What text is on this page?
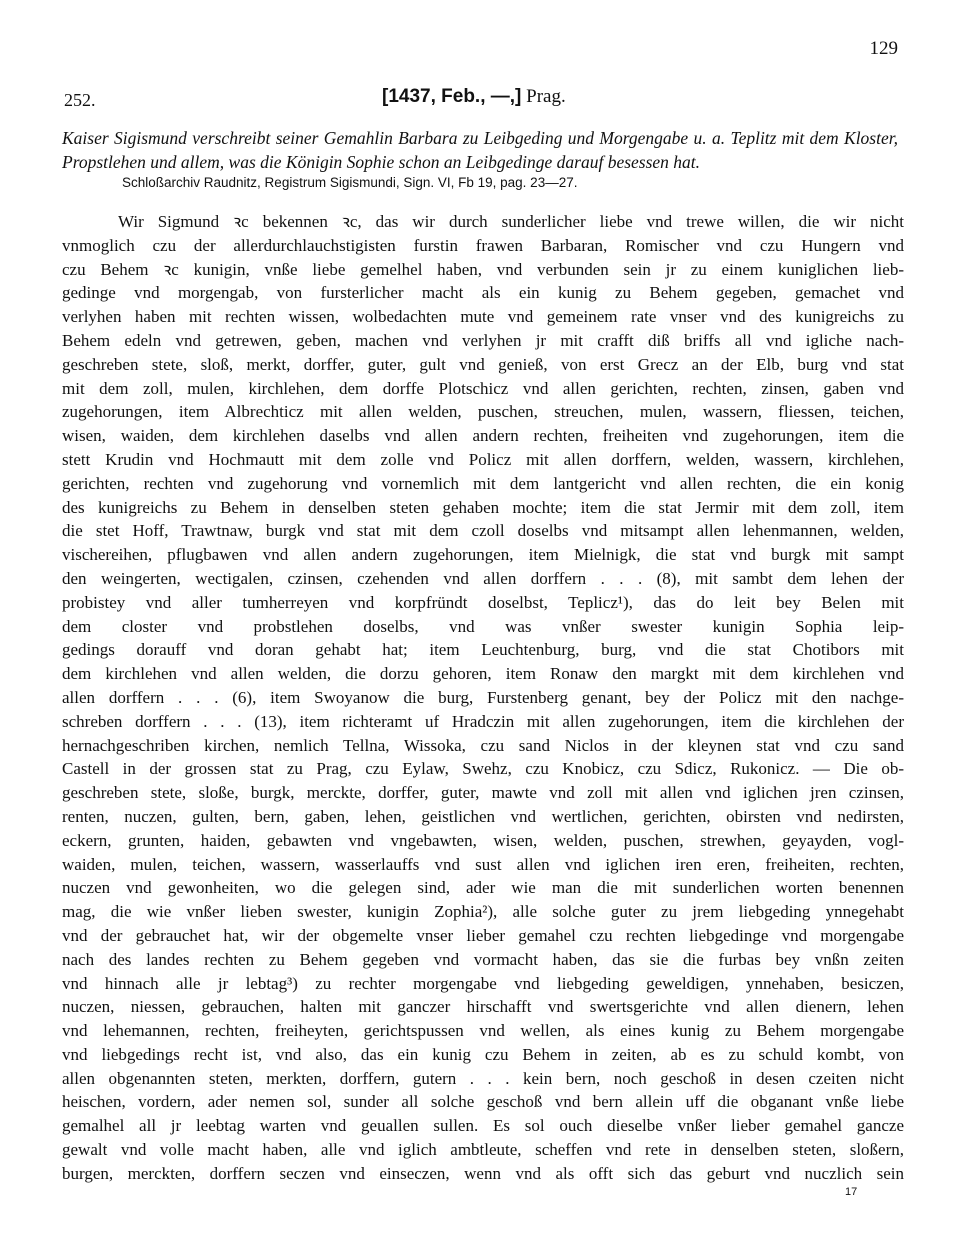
129
252.	[1437, Feb., —,] Prag.
Kaiser Sigismund verschreibt seiner Gemahlin Barbara zu Leibgeding und Morgengabe u. a. Teplitz mit dem Kloster, Propstlehen und allem, was die Königin Sophie schon an Leibgedinge darauf besessen hat.
Schloßarchiv Raudnitz, Registrum Sigismundi, Sign. VI, Fb 19, pag. 23—27.
Wir Sigmund ꝛc bekennen ꝛc, das wir durch sunderlicher liebe vnd trewe willen, die wir nicht
vnmoglich czu der allerdurchlauchstigisten furstin frawen Barbaran, Romischer vnd czu Hungern vnd
czu Behem ꝛc kunigin, vnße liebe gemelhel haben, vnd verbunden sein jr zu einem kuniglichen lieb-
gedinge vnd morgengab, von fursterlicher macht als ein kunig zu Behem gegeben, gemachet vnd
verlyhen haben mit rechten wissen, wolbedachten mute vnd gemeinem rate vnser vnd des kunigreichs zu
Behem edeln vnd getrewen, geben, machen vnd verlyhen jr mit crafft diß briffs all vnd igliche nach-
geschreben stete, sloß, merkt, dorffer, guter, gult vnd genieß, von erst Grecz an der Elb, burg vnd stat
mit dem zoll, mulen, kirchlehen, dem dorffe Plotschicz vnd allen gerichten, rechten, zinsen, gaben vnd
zugehorungen, item Albrechticz mit allen welden, puschen, streuchen, mulen, wassern, fliessen, teichen,
wisen, waiden, dem kirchlehen daselbs vnd allen andern rechten, freiheiten vnd zugehorungen, item die
stett Krudin vnd Hochmautt mit dem zolle vnd Policz mit allen dorffern, welden, wassern, kirchlehen,
gerichten, rechten vnd zugehorung vnd vornemlich mit dem lantgericht vnd allen rechten, die ein konig
des kunigreichs zu Behem in denselben steten gehaben mochte; item die stat Jermir mit dem zoll, item
die stet Hoff, Trawtnaw, burgk vnd stat mit dem czoll doselbs vnd mitsampt allen lehenmannen, welden,
vischereihen, pflugbawen vnd allen andern zugehorungen, item Mielnigk, die stat vnd burgk mit sampt
den weingerten, wectigalen, czinsen, czehenden vnd allen dorffern . . . (8), mit sambt dem lehen der
probistey vnd aller tumherreyen vnd korpfründt doselbst, Teplicz¹), das do leit bey Belen mit
dem closter vnd probstlehen doselbs, vnd was vnßer swester kunigin Sophia leip-
gedings dorauff vnd doran gehabt hat; item Leuchtenburg, burg, vnd die stat Chotibors mit
dem kirchlehen vnd allen welden, die dorzu gehoren, item Ronaw den margkt mit dem kirchlehen vnd
allen dorffern . . . (6), item Swoyanow die burg, Furstenberg genant, bey der Policz mit den nachge-
schreben dorffern . . . (13), item richteramt uf Hradczin mit allen zugehorungen, item die kirchlehen der
hernachgeschriben kirchen, nemlich Tellna, Wissoka, czu sand Niclos in der kleynen stat vnd czu sand
Castell in der grossen stat zu Prag, czu Eylaw, Swehz, czu Knobicz, czu Sdicz, Rukonicz. — Die ob-
geschreben stete, sloße, burgk, merckte, dorffer, guter, mawte vnd zoll mit allen vnd iglichen jren czinsen,
renten, nuczen, gulten, bern, gaben, lehen, geistlichen vnd wertlichen, gerichten, obirsten vnd nedirsten,
eckern, grunten, haiden, gebawten vnd vngebawten, wisen, welden, puschen, strewhen, geyayden, vogl-
waiden, mulen, teichen, wassern, wasserlauffs vnd sust allen vnd iglichen iren eren, freiheiten, rechten,
nuczen vnd gewonheiten, wo die gelegen sind, ader wie man die mit sunderlichen worten benennen
mag, die wie vnßer lieben swester, kunigin Zophia²), alle solche guter zu jrem liebgeding ynnegehabt
vnd der gebrauchet hat, wir der obgemelte vnser lieber gemahel czu rechten liebgedinge vnd morgengabe
nach des landes rechten zu Behem gegeben vnd vormacht haben, das sie die furbas bey vnßn zeiten
vnd hinnach alle jr lebtag³) zu rechter morgengabe vnd liebgeding geweldigen, ynnehaben, besiczen,
nuczen, niessen, gebrauchen, halten mit ganczer hirschafft vnd swertsgerichte vnd allen dienern, lehen
vnd lehemannen, rechten, freiheyten, gerichtspussen vnd wellen, als eines kunig zu Behem morgengabe
vnd liebgedings recht ist, vnd also, das ein kunig czu Behem in zeiten, ab es zu schuld kombt, von
allen obgenannten steten, merkten, dorffern, gutern . . . kein bern, noch geschoß in desen czeiten nicht
heischen, vordern, ader nemen sol, sunder all solche geschoß vnd bern allein uff die obganant vnße liebe
gemalhel all jr leebtag warten vnd geuallen sullen. Es sol ouch dieselbe vnßer lieber gemahel gancze
gewalt vnd volle macht haben, alle vnd iglich ambtleute, scheffen vnd rete in denselben steten, sloßern,
burgen, merckten, dorffern seczen vnd einseczen, wenn vnd als offt sich das geburt vnd nuczlich sein
17
